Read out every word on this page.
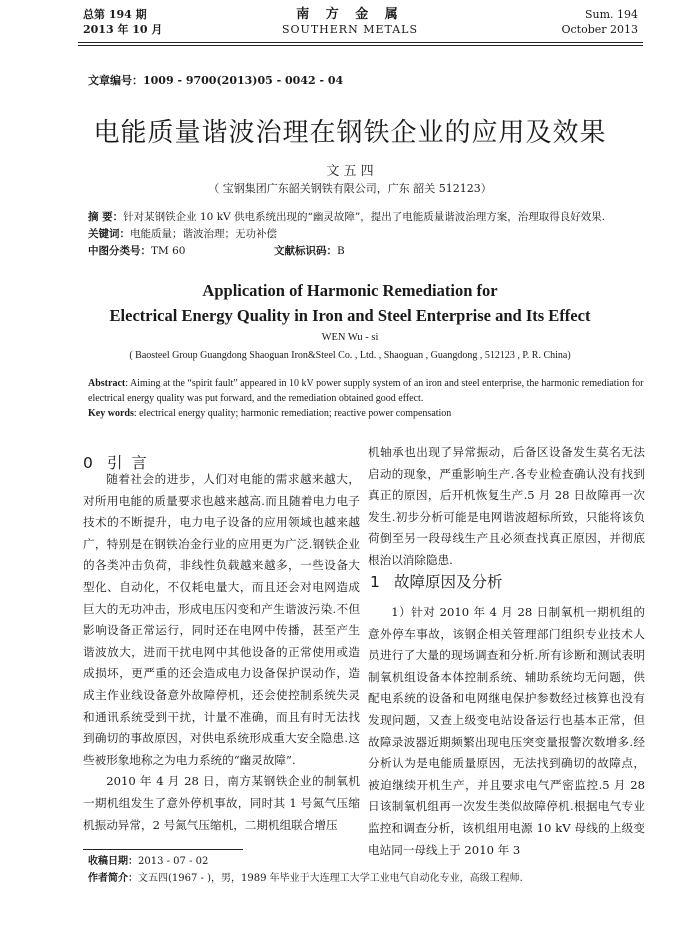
总第 194 期
2013 年 10 月
南 方 金 属
SOUTHERN METALS
Sum. 194
October 2013
文章编号：1009 - 9700(2013)05 - 0042 - 04
电能质量谐波治理在钢铁企业的应用及效果
文 五 四
（ 宝钢集团广东韶关钢铁有限公司，广东 韶关 512123）
摘 要：针对某钢铁企业 10 kV 供电系统出现的“幽灵故障”，提出了电能质量谐波治理方案，治理取得良好效果.
关键词：电能质量；谐波治理；无功补偿
中图分类号：TM 60	文献标识码：B
Application of Harmonic Remediation for
Electrical Energy Quality in Iron and Steel Enterprise and Its Effect
WEN Wu - si
( Baosteel Group Guangdong Shaoguan Iron&Steel Co. , Ltd. , Shaoguan , Guangdong , 512123 , P. R. China)
Abstract: Aiming at the “spirit fault” appeared in 10 kV power supply system of an iron and steel enterprise, the harmonic remediation for electrical energy quality was put forward, and the remediation obtained good effect.
Key words: electrical energy quality; harmonic remediation; reactive power compensation
0 引 言

随着社会的进步，人们对电能的需求越来越大，对所用电能的质量要求也越来越高.而且随着电力电子技术的不断提升，电力电子设备的应用领域也越来越广，特别是在钢铁冶金行业的应用更为广泛.钢铁企业的各类冲击负荷，非线性负载越来越多，一些设备大型化、自动化，不仅耗电量大，而且还会对电网造成巨大的无功冲击，形成电压闪变和产生谐波污染.不但影响设备正常运行，同时还在电网中传播，甚至产生谐波放大，进而干扰电网中其他设备的正常使用或造成损坏，更严重的还会造成电力设备保护误动作，造成主作业线设备意外故障停机，还会使控制系统失灵和通讯系统受到干扰，计量不准确，而且有时无法找到确切的事故原因，对供电系统形成重大安全隐患.这些被形象地称之为电力系统的“幽灵故障”.

2010 年 4 月 28 日，南方某钢铁企业的制氧机一期机组发生了意外停机事故，同时其 1 号氮气压缩机振动异常，2 号氮气压缩机，二期机组联合增压

机轴承也出现了异常振动，后备区设备发生莫名无法启动的现象，严重影响生产.各专业检查确认没有找到真正的原因，后开机恢复生产.5 月 28 日故障再一次发生.初步分析可能是电网谐波超标所致，只能将该负荷倒至另一段母线生产且必须查找真正原因，并彻底根治以消除隐患.

1 故障原因及分析

1）针对 2010 年 4 月 28 日制氧机一期机组的意外停车事故，该钢企相关管理部门组织专业技术人员进行了大量的现场调查和分析.所有诊断和测试表明制氧机组设备本体控制系统、辅助系统均无问题，供配电系统的设备和电网继电保护参数经过核算也没有发现问题，又查上级变电站设备运行也基本正常，但故障录波器近期频繁出现电压突变量报警次数增多.经分析认为是电能质量原因，无法找到确切的故障点，被迫继续开机生产，并且要求电气严密监控.5 月 28 日该制氧机组再一次发生类似故障停机.根据电气专业监控和调查分析，该机组用电源 10 kV 母线的上级变电站同一母线上于 2010 年 3

收稿日期：2013 - 07 - 02
作者简介：文五四(1967 - )，男，1989 年毕业于大连理工大学工业电气自动化专业，高级工程师.
